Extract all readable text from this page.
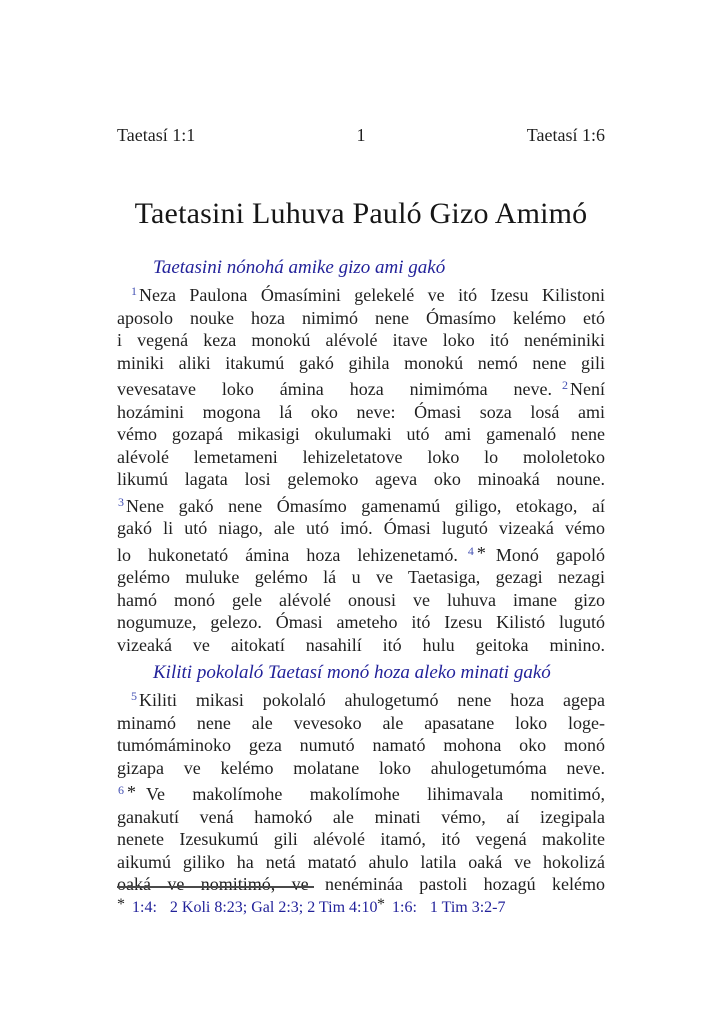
Taetasí 1:1	1	Taetasí 1:6
Taetasini Luhuva Pauló Gizo Amimó
Taetasini nónohá amike gizo ami gakó
$^1$ Neza Paulona Ómasímini gelekelé ve itó Izesu Kilistoni
aposolo nouke hoza nimimó nene Ómasímo kelémo etó
i vegená keza monokú alévolé itave loko itó nenéminiki
miniki aliki itakumú gakó gihila monokú nemó nene gili
vevesatave loko ámina hoza nimimóma neve. $^2$ Není
hozámini mogona lá oko neve: Ómasi soza losá ami
vémo gozapá mikasigi okulumaki utó ami gamenaló nene
alévolé lemetameni lehizeletatove loko lo mololetoko
likumú lagata losi gelemoko ageva oko minoaká noune.
$^3$ Nene gakó nene Ómasímo gamenamú giligo, etokago, aí
gakó li utó niago, ale utó imó. Ómasi lugutó vizeaká vémo
lo hukonetató ámina hoza lehizenetamó. $^4$ * Monó gapoló
gelémo muluke gelémo lá u ve Taetasiga, gezagi nezagi
hamó monó gele alévolé onousi ve luhuva imane gizo
nogumuze, gelezo. Ómasi ameteho itó Izesu Kilistó lugutó
vizeaká ve aitokatí nasahilí itó hulu geitoka minino.
Kiliti pokolaló Taetasí monó hoza aleko minati gakó
$^5$ Kiliti mikasi pokolaló ahulogetumó nene hoza agepa
minamó nene ale vevesoko ale apasatane loko loge-
tumómáminoko geza numutó namató mohona oko monó
gizapa ve kelémo molatane loko ahulogetumóma neve.
$^6$ * Ve makolímohe makolímohe lihimavala nomitimó,
ganakutí vená hamokó ale minati vémo, aí izegipala
nenete Izesukumú gili alévolé itamó, itó vegená makolite
aikumú giliko ha netá matató ahulo latila oaká ve hokolizá
oaká ve nomitimó, ve nenémináa pastoli hozagú kelémo
* 1:4: 2 Koli 8:23; Gal 2:3; 2 Tim 4:10 * 1:6: 1 Tim 3:2-7
